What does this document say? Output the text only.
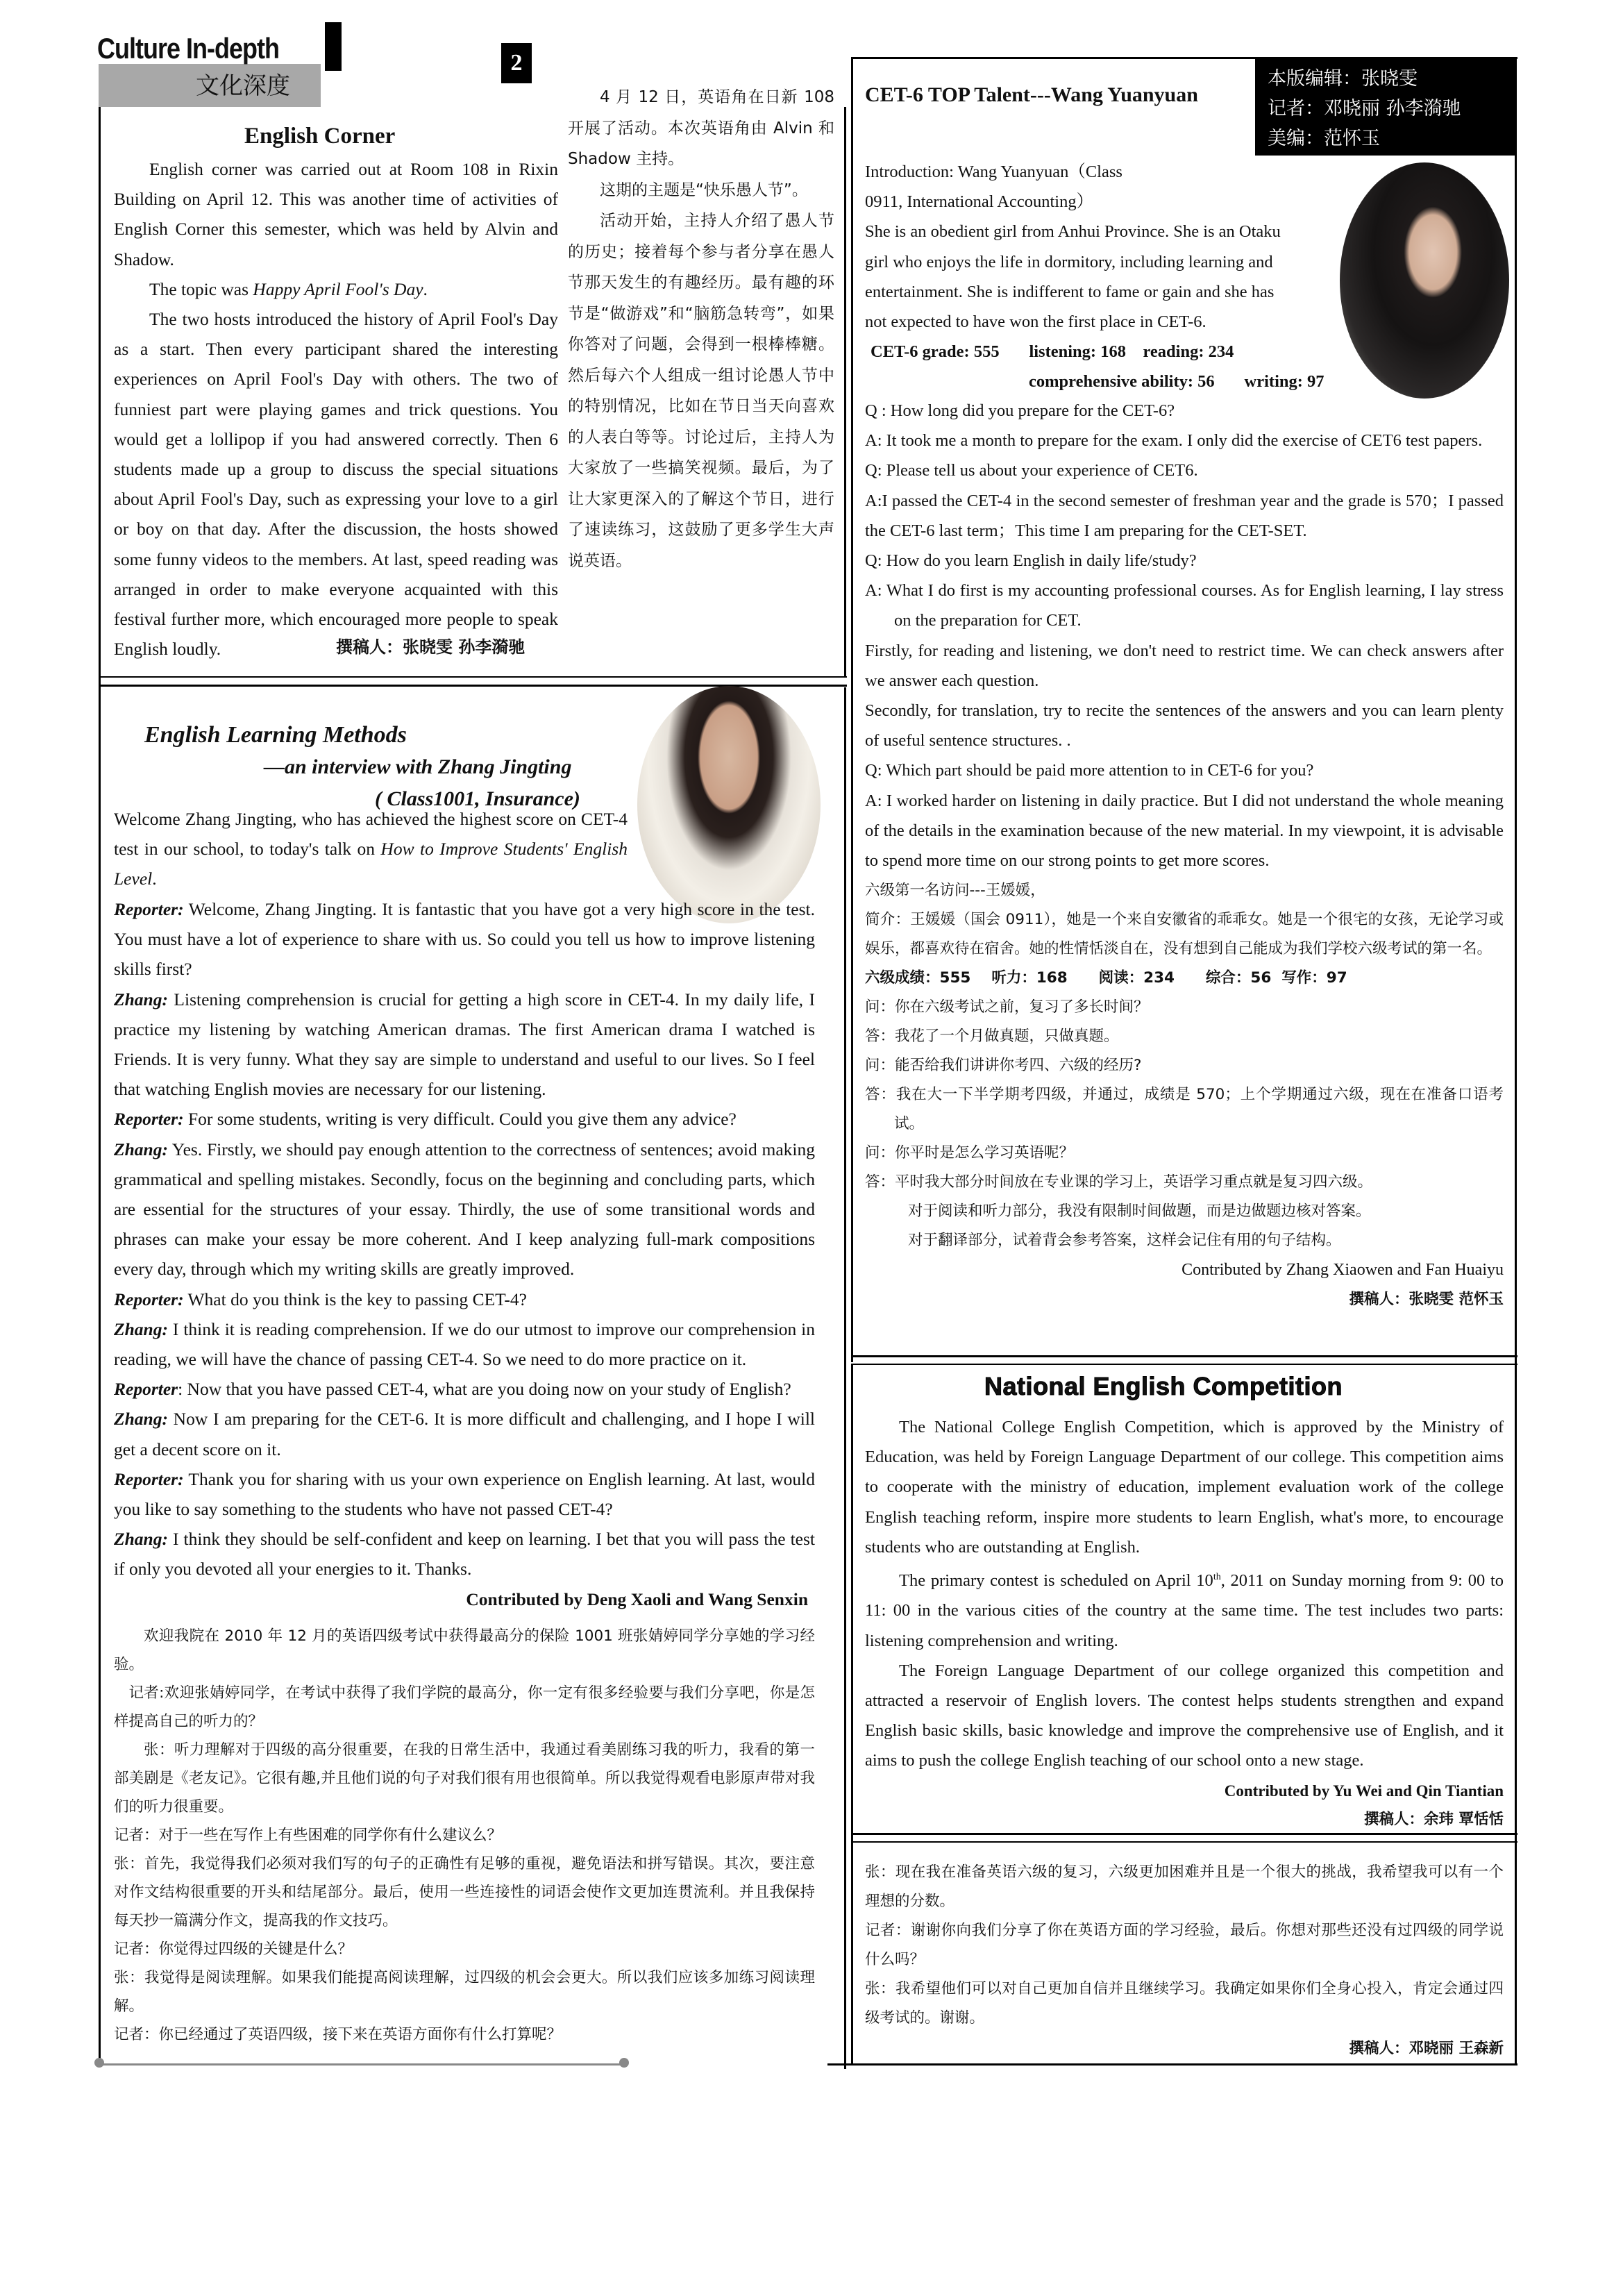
Culture In-depth
文化深度
2
本版编辑：张晓雯
记者：邓晓丽 孙李漪驰
美编：范怀玉
English Corner

English corner was carried out at Room 108 in Rixin Building on April 12. This was another time of activities of English Corner this semester, which was held by Alvin and Shadow.

The topic was Happy April Fool's Day.

The two hosts introduced the history of April Fool's Day as a start. Then every participant shared the interesting experiences on April Fool's Day with others. The two of funniest part were playing games and trick questions. You would get a lollipop if you had answered correctly. Then 6 students made up a group to discuss the special situations about April Fool's Day, such as expressing your love to a girl or boy on that day. After the discussion, the hosts showed some funny videos to the members. At last, speed reading was arranged in order to make everyone acquainted with this festival further more, which encouraged more people to speak English loudly.	撰稿人：张晓雯 孙李漪驰

4 月 12 日，英语角在日新 108 开展了活动。本次英语角由 Alvin 和 Shadow 主持。

这期的主题是“快乐愚人节”。

活动开始，主持人介绍了愚人节的历史；接着每个参与者分享在愚人节那天发生的有趣经历。最有趣的环节是“做游戏”和“脑筋急转弯”，如果你答对了问题，会得到一根棒棒糖。然后每六个人组成一组讨论愚人节中的特别情况，比如在节日当天向喜欢的人表白等等。讨论过后，主持人为大家放了一些搞笑视频。最后，为了让大家更深入的了解这个节日，进行了速读练习，这鼓励了更多学生大声说英语。

English Learning Methods
—an interview with Zhang Jingting
( Class1001, Insurance)

Welcome Zhang Jingting, who has achieved the highest score on CET-4 test in our school, to today's talk on How to Improve Students' English Level.

Reporter: Welcome, Zhang Jingting. It is fantastic that you have got a very high score in the test. You must have a lot of experience to share with us. So could you tell us how to improve listening skills first?

Zhang: Listening comprehension is crucial for getting a high score in CET-4. In my daily life, I practice my listening by watching American dramas. The first American drama I watched is Friends. It is very funny. What they say are simple to understand and useful to our lives. So I feel that watching English movies are necessary for our listening.

Reporter: For some students, writing is very difficult. Could you give them any advice?

Zhang: Yes. Firstly, we should pay enough attention to the correctness of sentences; avoid making grammatical and spelling mistakes. Secondly, focus on the beginning and concluding parts, which are essential for the structures of your essay. Thirdly, the use of some transitional words and phrases can make your essay be more coherent. And I keep analyzing full-mark compositions every day, through which my writing skills are greatly improved.

Reporter: What do you think is the key to passing CET-4?

Zhang: I think it is reading comprehension. If we do our utmost to improve our comprehension in reading, we will have the chance of passing CET-4. So we need to do more practice on it.

Reporter: Now that you have passed CET-4, what are you doing now on your study of English?

Zhang: Now I am preparing for the CET-6. It is more difficult and challenging, and I hope I will get a decent score on it.

Reporter: Thank you for sharing with us your own experience on English learning. At last, would you like to say something to the students who have not passed CET-4?

Zhang: I think they should be self-confident and keep on learning. I bet that you will pass the test if only you devoted all your energies to it. Thanks.

Contributed by Deng Xaoli and Wang Senxin

欢迎我院在 2010 年 12 月的英语四级考试中获得最高分的保险 1001 班张婧婷同学分享她的学习经验。

记者:欢迎张婧婷同学，在考试中获得了我们学院的最高分，你一定有很多经验要与我们分享吧，你是怎样提高自己的听力的？

张：听力理解对于四级的高分很重要，在我的日常生活中，我通过看美剧练习我的听力，我看的第一部美剧是《老友记》。它很有趣,并且他们说的句子对我们很有用也很简单。所以我觉得观看电影原声带对我们的听力很重要。

记者：对于一些在写作上有些困难的同学你有什么建议么？

张：首先，我觉得我们必须对我们写的句子的正确性有足够的重视，避免语法和拼写错误。其次，要注意对作文结构很重要的开头和结尾部分。最后，使用一些连接性的词语会使作文更加连贯流利。并且我保持每天抄一篇满分作文，提高我的作文技巧。

记者：你觉得过四级的关键是什么？

张：我觉得是阅读理解。如果我们能提高阅读理解，过四级的机会会更大。所以我们应该多加练习阅读理解。

记者：你已经通过了英语四级，接下来在英语方面你有什么打算呢？

张：现在我在准备英语六级的复习，六级更加困难并且是一个很大的挑战，我希望我可以有一个理想的分数。

记者：谢谢你向我们分享了你在英语方面的学习经验，最后。你想对那些还没有过四级的同学说什么吗？

张：我希望他们可以对自己更加自信并且继续学习。我确定如果你们全身心投入，肯定会通过四级考试的。谢谢。

撰稿人：邓晓丽 王森新

CET-6 TOP Talent---Wang Yuanyuan

Introduction: Wang Yuanyuan（Class

0911, International Accounting）

She is an obedient girl from Anhui Province. She is an Otaku

girl who enjoys the life in dormitory, including learning and

entertainment. She is indifferent to fame or gain and she has

not expected to have won the first place in CET-6.

CET-6 grade: 555       listening: 168    reading: 234

comprehensive ability: 56       writing: 97

Q : How long did you prepare for the CET-6?

A: It took me a month to prepare for the exam. I only did the exercise of CET6 test papers.

Q: Please tell us about your experience of CET6.

A:I passed the CET-4 in the second semester of freshman year and the grade is 570；I passed the CET-6 last term；This time I am preparing for the CET-SET.

Q: How do you learn English in daily life/study?

A: What I do first is my accounting professional courses. As for English learning, I lay stress on the preparation for CET.

Firstly, for reading and listening, we don't need to restrict time. We can check answers after we answer each question.

Secondly, for translation, try to recite the sentences of the answers and you can learn plenty of useful sentence structures. .

Q: Which part should be paid more attention to in CET-6 for you?

A: I worked harder on listening in daily practice. But I did not understand the whole meaning of the details in the examination because of the new material. In my viewpoint, it is advisable to spend more time on our strong points to get more scores.

六级第一名访问---王媛媛，

简介：王媛媛（国会 0911），她是一个来自安徽省的乖乖女。她是一个很宅的女孩，无论学习或娱乐，都喜欢待在宿舍。她的性情恬淡自在，没有想到自己能成为我们学校六级考试的第一名。

六级成绩：555    听力：168      阅读：234      综合：56  写作：97

问：你在六级考试之前，复习了多长时间？

答：我花了一个月做真题，只做真题。

问：能否给我们讲讲你考四、六级的经历?

答：我在大一下半学期考四级，并通过，成绩是 570；上个学期通过六级，现在在准备口语考试。

问：你平时是怎么学习英语呢？

答：平时我大部分时间放在专业课的学习上，英语学习重点就是复习四六级。

对于阅读和听力部分，我没有限制时间做题，而是边做题边核对答案。

对于翻译部分，试着背会参考答案，这样会记住有用的句子结构。

Contributed by Zhang Xiaowen and Fan Huaiyu

撰稿人：张晓雯 范怀玉

National English Competition

The National College English Competition, which is approved by the Ministry of Education, was held by Foreign Language Department of our college. This competition aims to cooperate with the ministry of education, implement evaluation work of the college English teaching reform, inspire more students to learn English, what's more, to encourage students who are outstanding at English.

The primary contest is scheduled on April 10th, 2011 on Sunday morning from 9: 00 to 11: 00 in the various cities of the country at the same time. The test includes two parts: listening comprehension and writing.

The Foreign Language Department of our college organized this competition and attracted a reservoir of English lovers. The contest helps students strengthen and expand English basic skills, basic knowledge and improve the comprehensive use of English, and it aims to push the college English teaching of our school onto a new stage.

Contributed by Yu Wei and Qin Tiantian

撰稿人：余玮 覃恬恬
